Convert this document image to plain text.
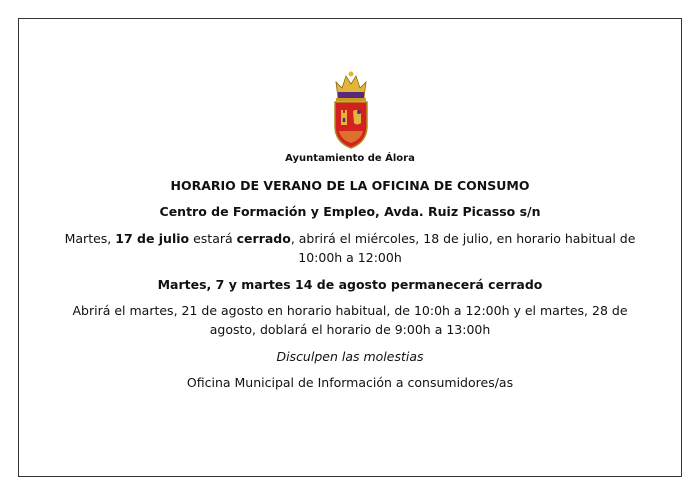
Ayuntamiento de Álora
HORARIO DE VERANO DE LA OFICINA DE CONSUMO
Centro de Formación y Empleo, Avda. Ruiz Picasso s/n
Martes, 17 de julio estará cerrado, abrirá el miércoles, 18 de julio, en horario habitual de 10:00h a 12:00h
Martes, 7 y martes 14 de agosto permanecerá cerrado
Abrirá el martes, 21 de agosto en horario habitual, de 10:0h a 12:00h y el martes, 28 de agosto, doblará el horario de 9:00h a 13:00h
Disculpen las molestias
Oficina Municipal de Información a consumidores/as
